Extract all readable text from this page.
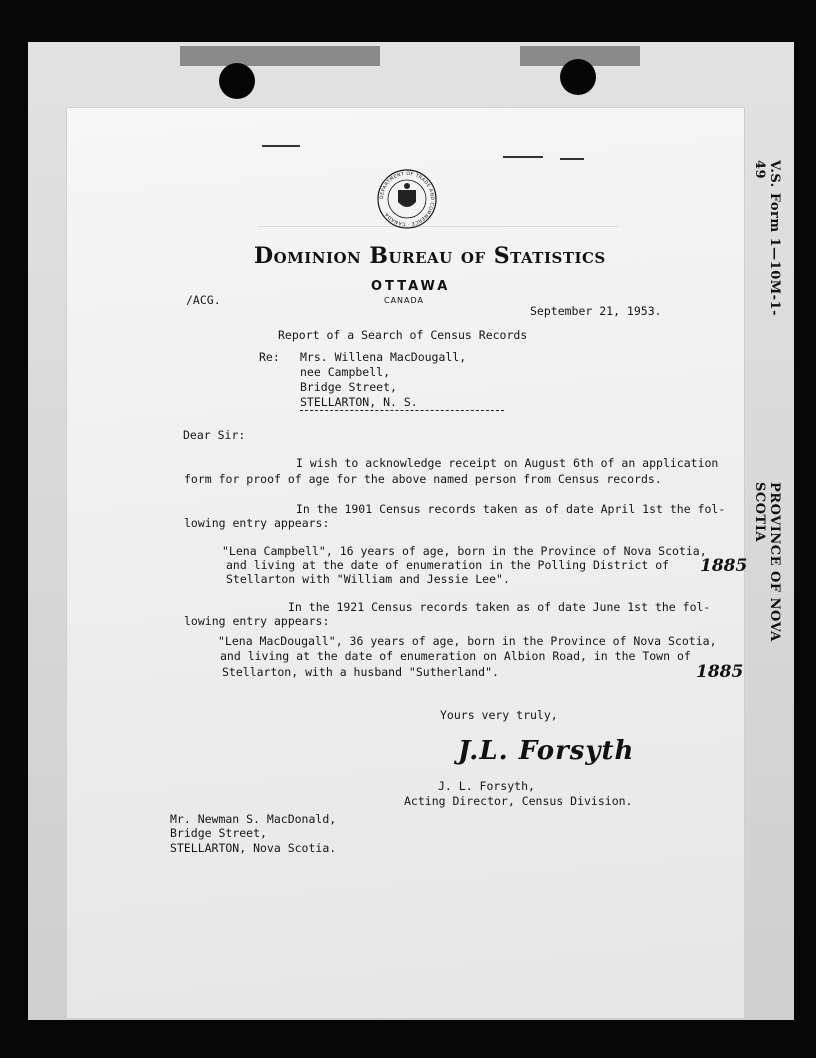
V.S. Form 1—10M-1-49
PROVINCE OF NOVA SCOTIA
DEPARTMENT OF TRADE AND COMMERCE · CANADA
Dominion Bureau of Statistics
OTTAWA
CANADA
/ACG.
September 21, 1953.
Report of a Search of Census Records
Re: Mrs. Willena MacDougall,
nee Campbell,
Bridge Street,
STELLARTON, N. S.
Dear Sir:
I wish to acknowledge receipt on August 6th of an application
form for proof of age for the above named person from Census records.
In the 1901 Census records taken as of date April 1st the fol-
lowing entry appears:
"Lena Campbell", 16 years of age, born in the Province of Nova Scotia,
and living at the date of enumeration in the Polling District of
Stellarton with "William and Jessie Lee".
1885
In the 1921 Census records taken as of date June 1st the fol-
lowing entry appears:
"Lena MacDougall", 36 years of age, born in the Province of Nova Scotia,
and living at the date of enumeration on Albion Road, in the Town of
Stellarton, with a husband "Sutherland".	1885
Yours very truly,
J.L. Forsyth
J. L. Forsyth,
Acting Director, Census Division.
Mr. Newman S. MacDonald,
Bridge Street,
STELLARTON, Nova Scotia.
